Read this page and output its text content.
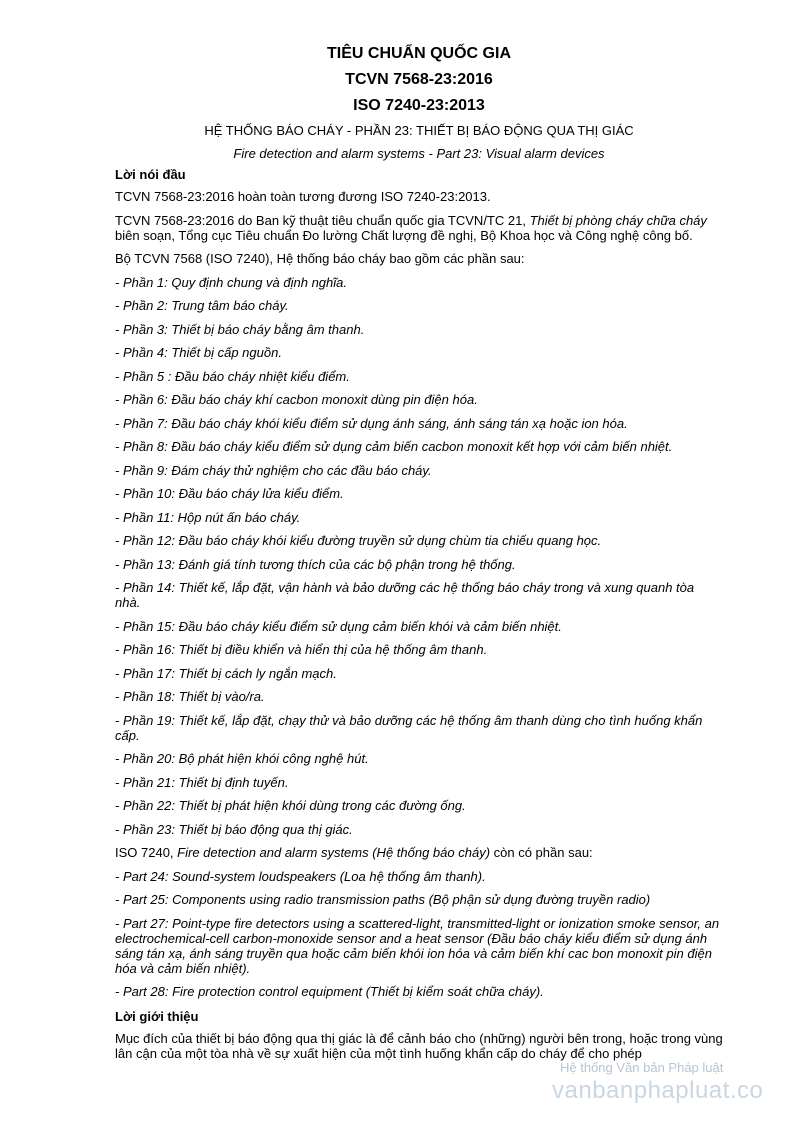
TIÊU CHUẨN QUỐC GIA
TCVN 7568-23:2016
ISO 7240-23:2013
HỆ THỐNG BÁO CHÁY - PHẦN 23: THIẾT BỊ BÁO ĐỘNG QUA THỊ GIÁC
Fire detection and alarm systems - Part 23: Visual alarm devices
Lời nói đầu

TCVN 7568-23:2016 hoàn toàn tương đương ISO 7240-23:2013.

TCVN 7568-23:2016 do Ban kỹ thuật tiêu chuẩn quốc gia TCVN/TC 21, Thiết bị phòng cháy chữa cháy biên soạn, Tổng cục Tiêu chuẩn Đo lường Chất lượng đề nghị, Bộ Khoa học và Công nghệ công bố.

Bộ TCVN 7568 (ISO 7240), Hệ thống báo cháy bao gồm các phần sau:

- Phần 1: Quy định chung và định nghĩa.
- Phần 2: Trung tâm báo cháy.
- Phần 3: Thiết bị báo cháy bằng âm thanh.
- Phần 4: Thiết bị cấp nguồn.
- Phần 5 : Đầu báo cháy nhiệt kiểu điểm.
- Phần 6: Đầu báo cháy khí cacbon monoxit dùng pin điện hóa.
- Phần 7: Đầu báo cháy khói kiểu điểm sử dụng ánh sáng, ánh sáng tán xạ hoặc ion hóa.
- Phần 8: Đầu báo cháy kiểu điểm sử dụng cảm biến cacbon monoxit kết hợp với cảm biến nhiệt.
- Phần 9: Đám cháy thử nghiệm cho các đầu báo cháy.
- Phần 10: Đầu báo cháy lửa kiểu điểm.
- Phần 11: Hộp nút ấn báo cháy.
- Phần 12: Đầu báo cháy khói kiểu đường truyền sử dụng chùm tia chiếu quang học.
- Phần 13: Đánh giá tính tương thích của các bộ phận trong hệ thống.
- Phần 14: Thiết kế, lắp đặt, vận hành và bảo dưỡng các hệ thống báo cháy trong và xung quanh tòa nhà.
- Phần 15: Đầu báo cháy kiểu điểm sử dụng cảm biến khói và cảm biến nhiệt.
- Phần 16: Thiết bị điều khiển và hiển thị của hệ thống âm thanh.
- Phần 17: Thiết bị cách ly ngắn mạch.
- Phần 18: Thiết bị vào/ra.
- Phần 19: Thiết kế, lắp đặt, chạy thử và bảo dưỡng các hệ thống âm thanh dùng cho tình huống khẩn cấp.
- Phần 20: Bộ phát hiện khói công nghệ hút.
- Phần 21: Thiết bị định tuyến.
- Phần 22: Thiết bị phát hiện khói dùng trong các đường ống.
- Phần 23: Thiết bị báo động qua thị giác.

ISO 7240, Fire detection and alarm systems (Hệ thống báo cháy) còn có phần sau:

- Part 24: Sound-system loudspeakers (Loa hệ thống âm thanh).
- Part 25: Components using radio transmission paths (Bộ phận sử dụng đường truyền radio)
- Part 27: Point-type fire detectors using a scattered-light, transmitted-light or ionization smoke sensor, an electrochemical-cell carbon-monoxide sensor and a heat sensor (Đầu báo cháy kiểu điểm sử dụng ánh sáng tán xạ, ánh sáng truyền qua hoặc cảm biến khói ion hóa và cảm biến khí cac bon monoxit pin điện hóa và cảm biến nhiệt).
- Part 28: Fire protection control equipment (Thiết bị kiểm soát chữa cháy).
Lời giới thiệu

Mục đích của thiết bị báo động qua thị giác là để cảnh báo cho (những) người bên trong, hoặc trong vùng lân cận của một tòa nhà về sự xuất hiện của một tình huống khẩn cấp do cháy để cho phép

Hệ thống Văn bản Pháp luật
vanbanphapluat.co
